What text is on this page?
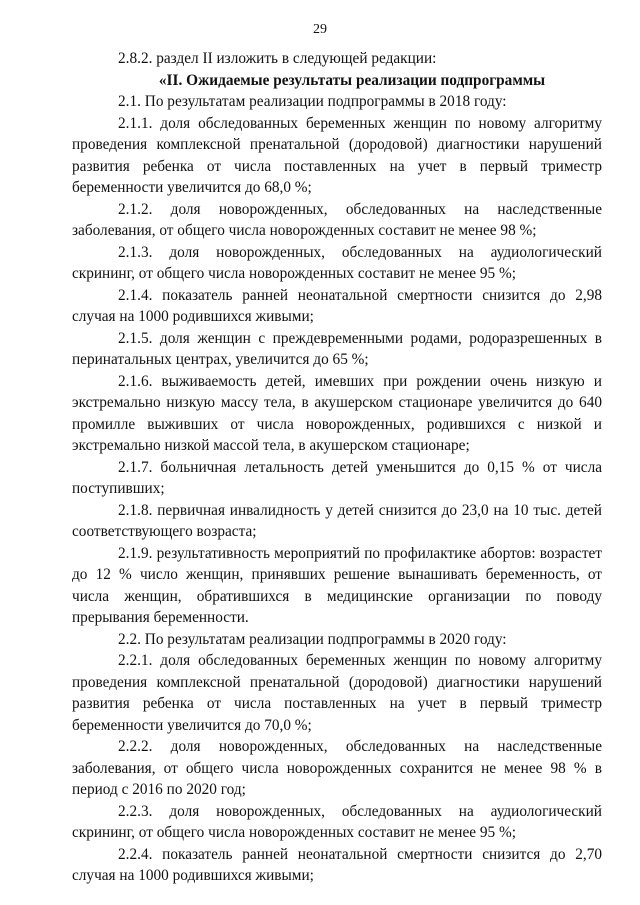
29

2.8.2. раздел II изложить в следующей редакции:

«II. Ожидаемые результаты реализации подпрограммы

2.1. По результатам реализации подпрограммы в 2018 году:

2.1.1. доля обследованных беременных женщин по новому алгоритму проведения комплексной пренатальной (дородовой) диагностики нарушений развития ребенка от числа поставленных на учет в первый триместр беременности увеличится до 68,0 %;

2.1.2. доля новорожденных, обследованных на наследственные заболевания, от общего числа новорожденных составит не менее 98 %;

2.1.3. доля новорожденных, обследованных на аудиологический скрининг, от общего числа новорожденных составит не менее 95 %;

2.1.4. показатель ранней неонатальной смертности снизится до 2,98 случая на 1000 родившихся живыми;

2.1.5. доля женщин с преждевременными родами, родоразрешенных в перинатальных центрах, увеличится до 65 %;

2.1.6. выживаемость детей, имевших при рождении очень низкую и экстремально низкую массу тела, в акушерском стационаре увеличится до 640 промилле выживших от числа новорожденных, родившихся с низкой и экстремально низкой массой тела, в акушерском стационаре;

2.1.7. больничная летальность детей уменьшится до 0,15 % от числа поступивших;

2.1.8. первичная инвалидность у детей снизится до 23,0 на 10 тыс. детей соответствующего возраста;

2.1.9. результативность мероприятий по профилактике абортов: возрастет до 12 % число женщин, принявших решение вынашивать беременность, от числа женщин, обратившихся в медицинские организации по поводу прерывания беременности.

2.2. По результатам реализации подпрограммы в 2020 году:

2.2.1. доля обследованных беременных женщин по новому алгоритму проведения комплексной пренатальной (дородовой) диагностики нарушений развития ребенка от числа поставленных на учет в первый триместр беременности увеличится до 70,0 %;

2.2.2. доля новорожденных, обследованных на наследственные заболевания, от общего числа новорожденных сохранится не менее 98 % в период с 2016 по 2020 год;

2.2.3. доля новорожденных, обследованных на аудиологический скрининг, от общего числа новорожденных составит не менее 95 %;

2.2.4. показатель ранней неонатальной смертности снизится до 2,70 случая на 1000 родившихся живыми;
